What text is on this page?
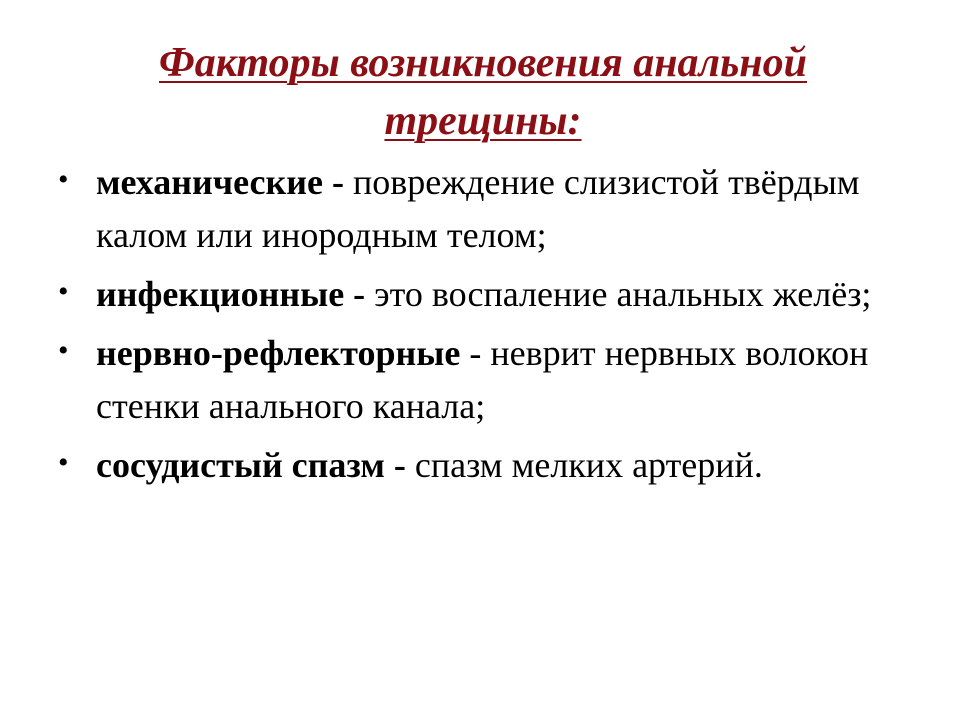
Факторы возникновения анальной трещины:
• механические - повреждение слизистой твёрдым калом или инородным телом;
• инфекционные - это воспаление анальных желёз;
• нервно-рефлекторные - неврит нервных волокон стенки анального канала;
• сосудистый спазм - спазм мелких артерий.
